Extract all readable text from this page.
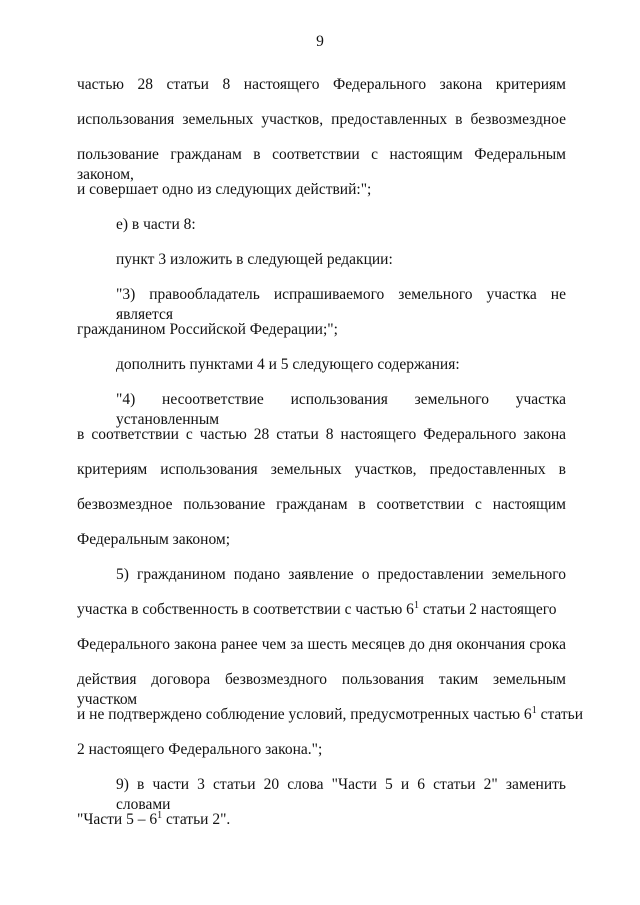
9
частью 28 статьи 8 настоящего Федерального закона критериям
использования земельных участков, предоставленных в безвозмездное
пользование гражданам в соответствии с настоящим Федеральным законом,
и совершает одно из следующих действий:";
е) в части 8:
пункт 3 изложить в следующей редакции:
"3) правообладатель испрашиваемого земельного участка не является
гражданином Российской Федерации;";
дополнить пунктами 4 и 5 следующего содержания:
"4) несоответствие использования земельного участка установленным
в соответствии с частью 28 статьи 8 настоящего Федерального закона
критериям использования земельных участков, предоставленных в
безвозмездное пользование гражданам в соответствии с настоящим
Федеральным законом;
5) гражданином подано заявление о предоставлении земельного
участка в собственность в соответствии с частью $6^1$ статьи 2 настоящего
Федерального закона ранее чем за шесть месяцев до дня окончания срока
действия договора безвозмездного пользования таким земельным участком
и не подтверждено соблюдение условий, предусмотренных частью $6^1$ статьи
2 настоящего Федерального закона.";
9) в части 3 статьи 20 слова "Части 5 и 6 статьи 2" заменить словами
"Части $5 - 6^1$ статьи 2".
